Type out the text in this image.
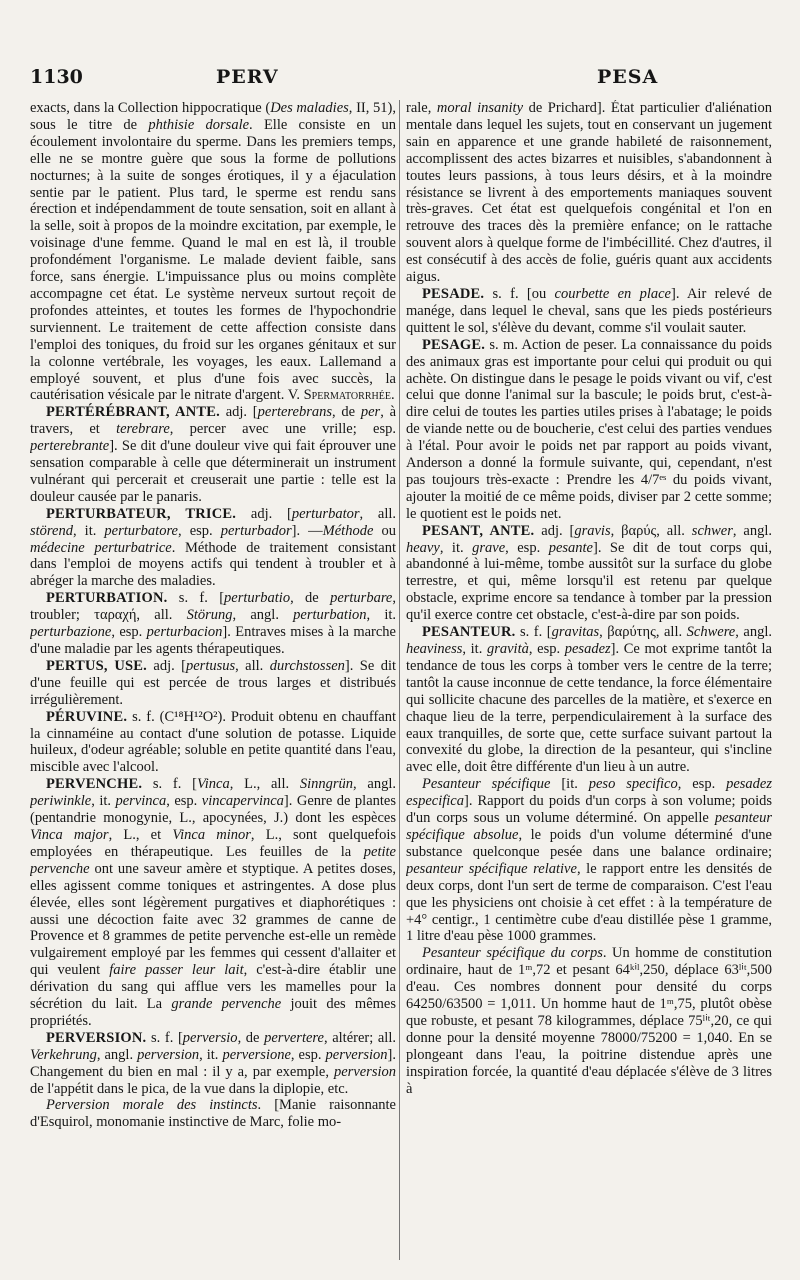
1130	PERV	PESA

exacts, dans la Collection hippocratique (Des maladies, II, 51), sous le titre de phthisie dorsale. Elle consiste en un écoulement involontaire du sperme. Dans les premiers temps, elle ne se montre guère que sous la forme de pollutions nocturnes; à la suite de songes érotiques, il y a éjaculation sentie par le patient. Plus tard, le sperme est rendu sans érection et indépendamment de toute sensation, soit en allant à la selle, soit à propos de la moindre excitation, par exemple, le voisinage d'une femme. Quand le mal en est là, il trouble profondément l'organisme. Le malade devient faible, sans force, sans énergie. L'impuissance plus ou moins complète accompagne cet état. Le système nerveux surtout reçoit de profondes atteintes, et toutes les formes de l'hypochondrie surviennent. Le traitement de cette affection consiste dans l'emploi des toniques, du froid sur les organes génitaux et sur la colonne vertébrale, les voyages, les eaux. Lallemand a employé souvent, et plus d'une fois avec succès, la cautérisation vésicale par le nitrate d'argent. V. Spermatorrhée.

PERTÉRÉBRANT, ANTE. adj. [perterebrans, de per, à travers, et terebrare, percer avec une vrille; esp. perterebrante]. Se dit d'une douleur vive qui fait éprouver une sensation comparable à celle que déterminerait un instrument vulnérant qui percerait et creuserait une partie : telle est la douleur causée par le panaris.

PERTURBATEUR, TRICE. adj. [perturbator, all. störend, it. perturbatore, esp. perturbador]. —Méthode ou médecine perturbatrice. Méthode de traitement consistant dans l'emploi de moyens actifs qui tendent à troubler et à abréger la marche des maladies.

PERTURBATION. s. f. [perturbatio, de perturbare, troubler; ταραχή, all. Störung, angl. perturbation, it. perturbazione, esp. perturbacion]. Entraves mises à la marche d'une maladie par les agents thérapeutiques.

PERTUS, USE. adj. [pertusus, all. durchstossen]. Se dit d'une feuille qui est percée de trous larges et distribués irrégulièrement.

PÉRUVINE. s. f. (C¹⁸H¹²O²). Produit obtenu en chauffant la cinnaméine au contact d'une solution de potasse. Liquide huileux, d'odeur agréable; soluble en petite quantité dans l'eau, miscible avec l'alcool.

PERVENCHE. s. f. [Vinca, L., all. Sinngrün, angl. periwinkle, it. pervinca, esp. vincapervinca]. Genre de plantes (pentandrie monogynie, L., apocynées, J.) dont les espèces Vinca major, L., et Vinca minor, L., sont quelquefois employées en thérapeutique. Les feuilles de la petite pervenche ont une saveur amère et styptique. A petites doses, elles agissent comme toniques et astringentes. A dose plus élevée, elles sont légèrement purgatives et diaphorétiques : aussi une décoction faite avec 32 grammes de canne de Provence et 8 grammes de petite pervenche est-elle un remède vulgairement employé par les femmes qui cessent d'allaiter et qui veulent faire passer leur lait, c'est-à-dire établir une dérivation du sang qui afflue vers les mamelles pour la sécrétion du lait. La grande pervenche jouit des mêmes propriétés.

PERVERSION. s. f. [perversio, de pervertere, altérer; all. Verkehrung, angl. perversion, it. perversione, esp. perversion]. Changement du bien en mal : il y a, par exemple, perversion de l'appétit dans le pica, de la vue dans la diplopie, etc.

Perversion morale des instincts. [Manie raisonnante d'Esquirol, monomanie instinctive de Marc, folie mo-

rale, moral insanity de Prichard]. État particulier d'aliénation mentale dans lequel les sujets, tout en conservant un jugement sain en apparence et une grande habileté de raisonnement, accomplissent des actes bizarres et nuisibles, s'abandonnent à toutes leurs passions, à tous leurs désirs, et à la moindre résistance se livrent à des emportements maniaques souvent très-graves. Cet état est quelquefois congénital et l'on en retrouve des traces dès la première enfance; on le rattache souvent alors à quelque forme de l'imbécillité. Chez d'autres, il est consécutif à des accès de folie, guéris quant aux accidents aigus.

PESADE. s. f. [ou courbette en place]. Air relevé de manége, dans lequel le cheval, sans que les pieds postérieurs quittent le sol, s'élève du devant, comme s'il voulait sauter.

PESAGE. s. m. Action de peser. La connaissance du poids des animaux gras est importante pour celui qui produit ou qui achète. On distingue dans le pesage le poids vivant ou vif, c'est celui que donne l'animal sur la bascule; le poids brut, c'est-à-dire celui de toutes les parties utiles prises à l'abatage; le poids de viande nette ou de boucherie, c'est celui des parties vendues à l'étal. Pour avoir le poids net par rapport au poids vivant, Anderson a donné la formule suivante, qui, cependant, n'est pas toujours très-exacte : Prendre les 4/7ᵉˢ du poids vivant, ajouter la moitié de ce même poids, diviser par 2 cette somme; le quotient est le poids net.

PESANT, ANTE. adj. [gravis, βαρύς, all. schwer, angl. heavy, it. grave, esp. pesante]. Se dit de tout corps qui, abandonné à lui-même, tombe aussitôt sur la surface du globe terrestre, et qui, même lorsqu'il est retenu par quelque obstacle, exprime encore sa tendance à tomber par la pression qu'il exerce contre cet obstacle, c'est-à-dire par son poids.

PESANTEUR. s. f. [gravitas, βαρύτης, all. Schwere, angl. heaviness, it. gravità, esp. pesadez]. Ce mot exprime tantôt la tendance de tous les corps à tomber vers le centre de la terre; tantôt la cause inconnue de cette tendance, la force élémentaire qui sollicite chacune des parcelles de la matière, et s'exerce en chaque lieu de la terre, perpendiculairement à la surface des eaux tranquilles, de sorte que, cette surface suivant partout la convexité du globe, la direction de la pesanteur, qui s'incline avec elle, doit être différente d'un lieu à un autre.

Pesanteur spécifique [it. peso specifico, esp. pesadez especifica]. Rapport du poids d'un corps à son volume; poids d'un corps sous un volume déterminé. On appelle pesanteur spécifique absolue, le poids d'un volume déterminé d'une substance quelconque pesée dans une balance ordinaire; pesanteur spécifique relative, le rapport entre les densités de deux corps, dont l'un sert de terme de comparaison. C'est l'eau que les physiciens ont choisie à cet effet : à la température de +4° centigr., 1 centimètre cube d'eau distillée pèse 1 gramme, 1 litre d'eau pèse 1000 grammes.

Pesanteur spécifique du corps. Un homme de constitution ordinaire, haut de 1ᵐ,72 et pesant 64ᵏⁱˡ,250, déplace 63ˡⁱᵗ,500 d'eau. Ces nombres donnent pour densité du corps 64250/63500 = 1,011. Un homme haut de 1ᵐ,75, plutôt obèse que robuste, et pesant 78 kilogrammes, déplace 75ˡⁱᵗ,20, ce qui donne pour la densité moyenne 78000/75200 = 1,040. En se plongeant dans l'eau, la poitrine distendue après une inspiration forcée, la quantité d'eau déplacée s'élève de 3 litres à
